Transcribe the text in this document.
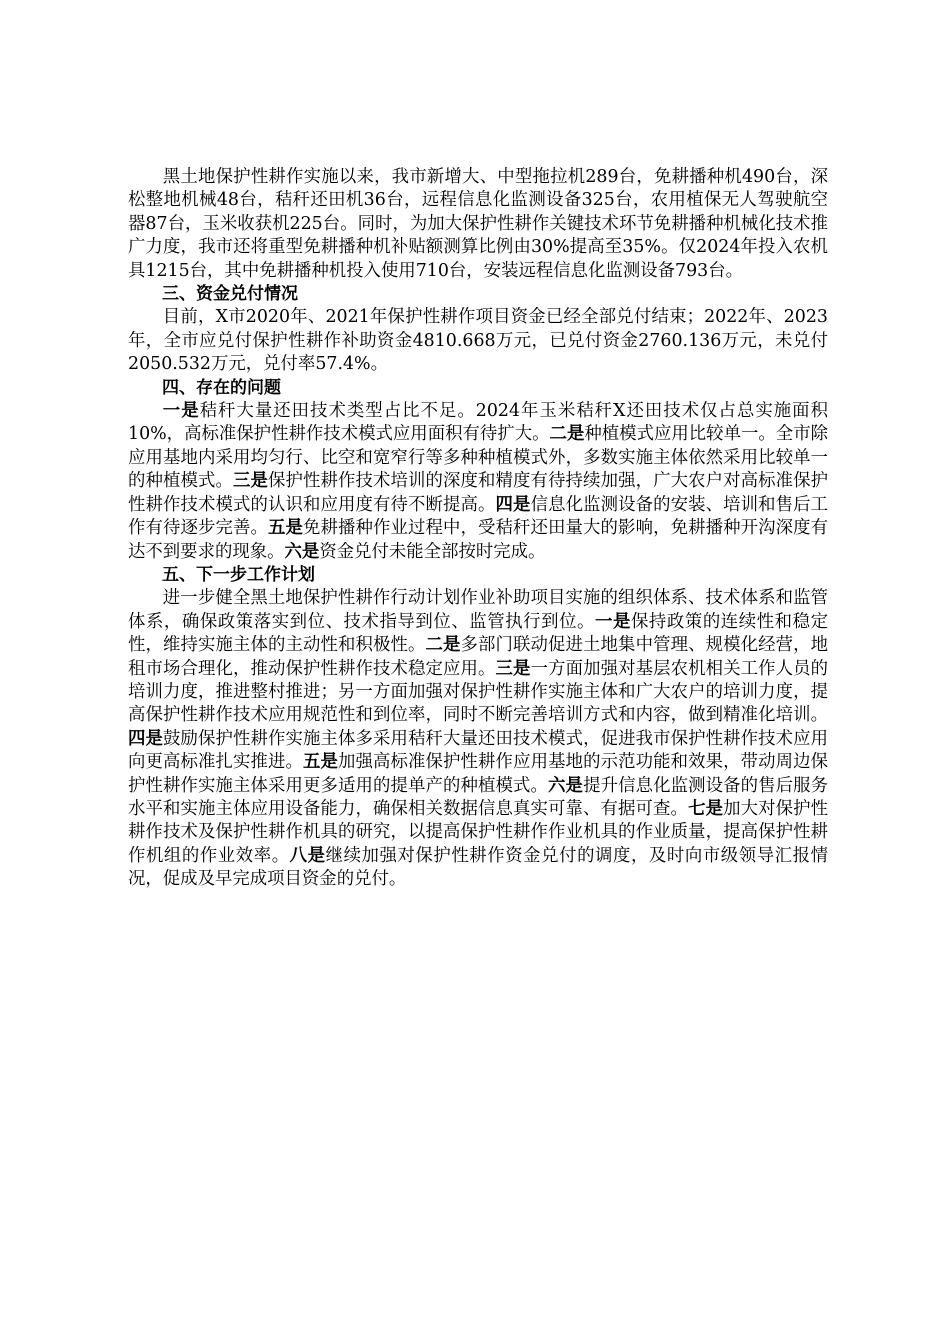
黑土地保护性耕作实施以来，我市新增大、中型拖拉机289台，免耕播种机490台，深松整地机械48台，秸秆还田机36台，远程信息化监测设备325台，农用植保无人驾驶航空器87台，玉米收获机225台。同时，为加大保护性耕作关键技术环节免耕播种机械化技术推广力度，我市还将重型免耕播种机补贴额测算比例由30%提高至35%。仅2024年投入农机具1215台，其中免耕播种机投入使用710台，安装远程信息化监测设备793台。

三、资金兑付情况

目前，X市2020年、2021年保护性耕作项目资金已经全部兑付结束；2022年、2023年，全市应兑付保护性耕作补助资金4810.668万元，已兑付资金2760.136万元，未兑付2050.532万元，兑付率57.4%。

四、存在的问题

一是秸秆大量还田技术类型占比不足。2024年玉米秸秆X还田技术仅占总实施面积10%，高标准保护性耕作技术模式应用面积有待扩大。二是种植模式应用比较单一。全市除应用基地内采用均匀行、比空和宽窄行等多种种植模式外，多数实施主体依然采用比较单一的种植模式。三是保护性耕作技术培训的深度和精度有待持续加强，广大农户对高标准保护性耕作技术模式的认识和应用度有待不断提高。四是信息化监测设备的安装、培训和售后工作有待逐步完善。五是免耕播种作业过程中，受秸秆还田量大的影响，免耕播种开沟深度有达不到要求的现象。六是资金兑付未能全部按时完成。

五、下一步工作计划

进一步健全黑土地保护性耕作行动计划作业补助项目实施的组织体系、技术体系和监管体系，确保政策落实到位、技术指导到位、监管执行到位。一是保持政策的连续性和稳定性，维持实施主体的主动性和积极性。二是多部门联动促进土地集中管理、规模化经营，地租市场合理化，推动保护性耕作技术稳定应用。三是一方面加强对基层农机相关工作人员的培训力度，推进整村推进；另一方面加强对保护性耕作实施主体和广大农户的培训力度，提高保护性耕作技术应用规范性和到位率，同时不断完善培训方式和内容，做到精准化培训。四是鼓励保护性耕作实施主体多采用秸秆大量还田技术模式，促进我市保护性耕作技术应用向更高标准扎实推进。五是加强高标准保护性耕作应用基地的示范功能和效果，带动周边保护性耕作实施主体采用更多适用的提单产的种植模式。六是提升信息化监测设备的售后服务水平和实施主体应用设备能力，确保相关数据信息真实可靠、有据可查。七是加大对保护性耕作技术及保护性耕作机具的研究，以提高保护性耕作作业机具的作业质量，提高保护性耕作机组的作业效率。八是继续加强对保护性耕作资金兑付的调度，及时向市级领导汇报情况，促成及早完成项目资金的兑付。
